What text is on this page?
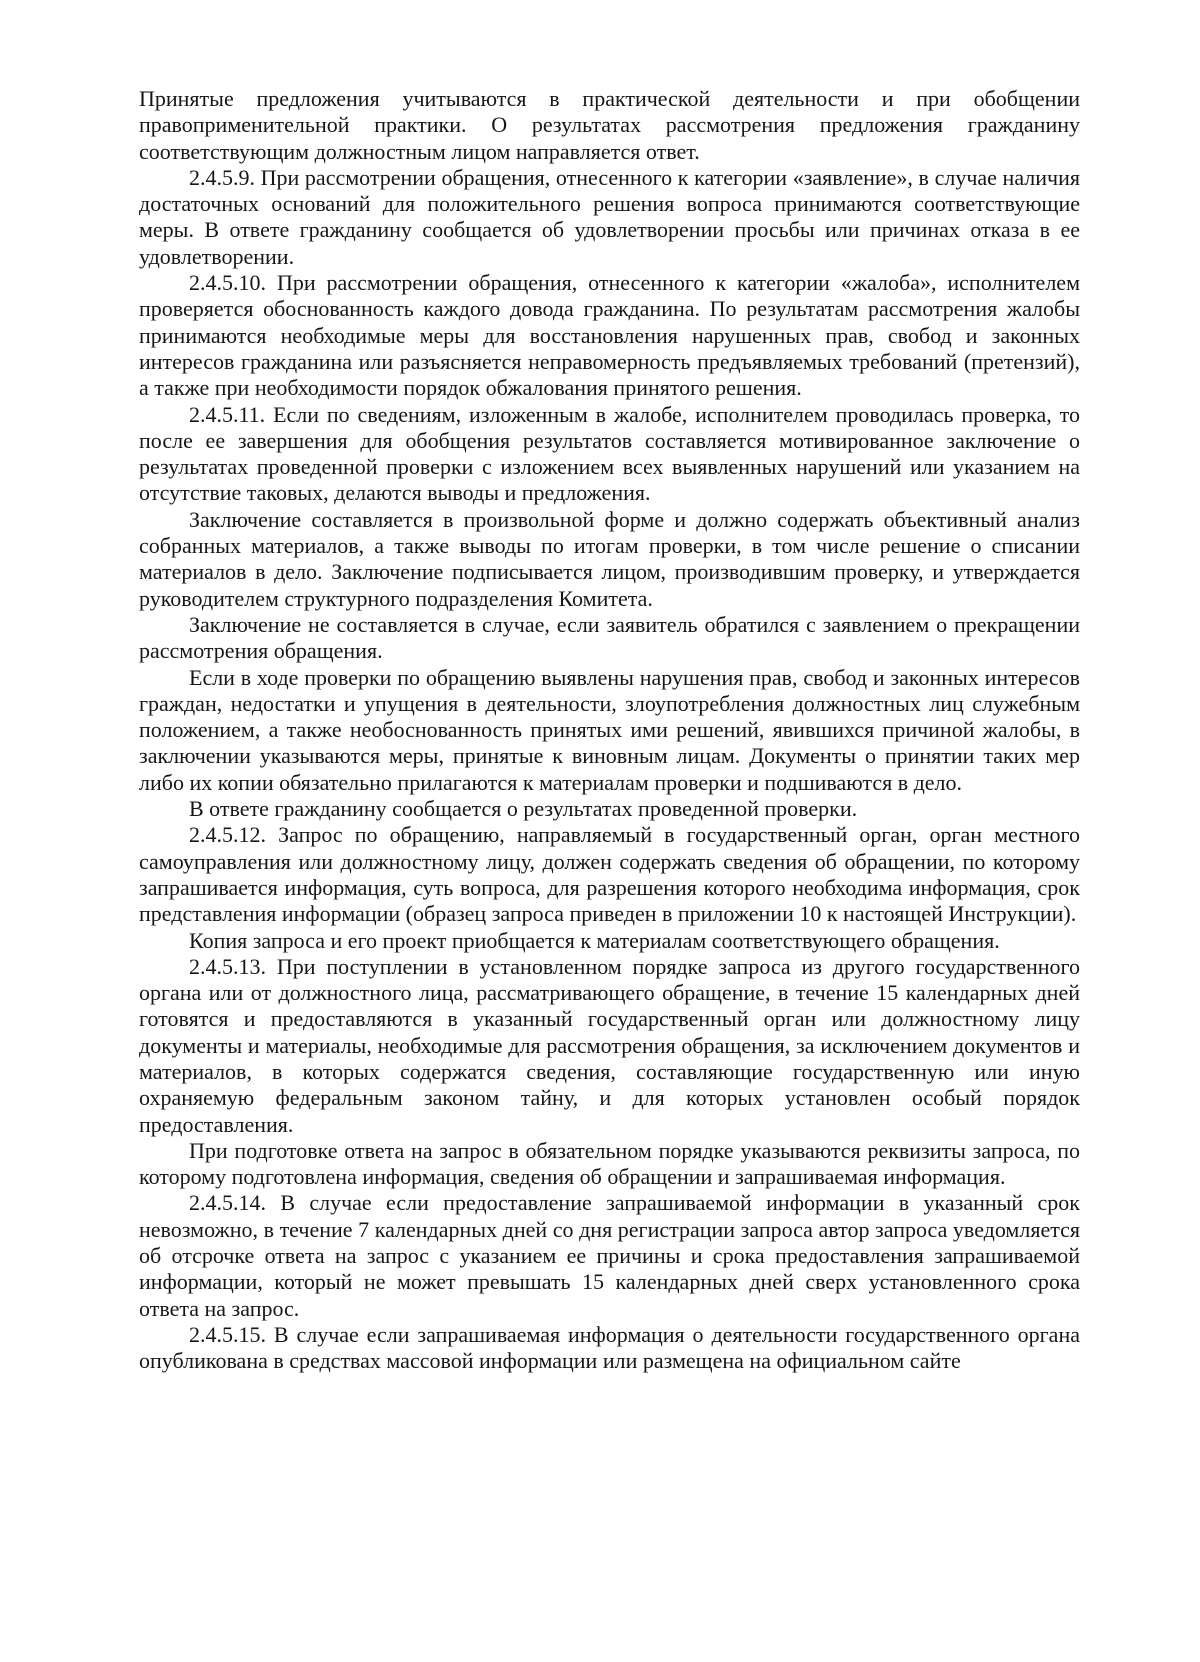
Принятые предложения учитываются в практической деятельности и при обобщении правоприменительной практики. О результатах рассмотрения предложения гражданину соответствующим должностным лицом направляется ответ.

2.4.5.9. При рассмотрении обращения, отнесенного к категории «заявление», в случае наличия достаточных оснований для положительного решения вопроса принимаются соответствующие меры. В ответе гражданину сообщается об удовлетворении просьбы или причинах отказа в ее удовлетворении.

2.4.5.10. При рассмотрении обращения, отнесенного к категории «жалоба», исполнителем проверяется обоснованность каждого довода гражданина. По результатам рассмотрения жалобы принимаются необходимые меры для восстановления нарушенных прав, свобод и законных интересов гражданина или разъясняется неправомерность предъявляемых требований (претензий), а также при необходимости порядок обжалования принятого решения.

2.4.5.11. Если по сведениям, изложенным в жалобе, исполнителем проводилась проверка, то после ее завершения для обобщения результатов составляется мотивированное заключение о результатах проведенной проверки с изложением всех выявленных нарушений или указанием на отсутствие таковых, делаются выводы и предложения.

Заключение составляется в произвольной форме и должно содержать объективный анализ собранных материалов, а также выводы по итогам проверки, в том числе решение о списании материалов в дело. Заключение подписывается лицом, производившим проверку, и утверждается руководителем структурного подразделения Комитета.

Заключение не составляется в случае, если заявитель обратился с заявлением о прекращении рассмотрения обращения.

Если в ходе проверки по обращению выявлены нарушения прав, свобод и законных интересов граждан, недостатки и упущения в деятельности, злоупотребления должностных лиц служебным положением, а также необоснованность принятых ими решений, явившихся причиной жалобы, в заключении указываются меры, принятые к виновным лицам. Документы о принятии таких мер либо их копии обязательно прилагаются к материалам проверки и подшиваются в дело.

В ответе гражданину сообщается о результатах проведенной проверки.

2.4.5.12. Запрос по обращению, направляемый в государственный орган, орган местного самоуправления или должностному лицу, должен содержать сведения об обращении, по которому запрашивается информация, суть вопроса, для разрешения которого необходима информация, срок представления информации (образец запроса приведен в приложении 10 к настоящей Инструкции).

Копия запроса и его проект приобщается к материалам соответствующего обращения.

2.4.5.13. При поступлении в установленном порядке запроса из другого государственного органа или от должностного лица, рассматривающего обращение, в течение 15 календарных дней готовятся и предоставляются в указанный государственный орган или должностному лицу документы и материалы, необходимые для рассмотрения обращения, за исключением документов и материалов, в которых содержатся сведения, составляющие государственную или иную охраняемую федеральным законом тайну, и для которых установлен особый порядок предоставления.

При подготовке ответа на запрос в обязательном порядке указываются реквизиты запроса, по которому подготовлена информация, сведения об обращении и запрашиваемая информация.

2.4.5.14. В случае если предоставление запрашиваемой информации в указанный срок невозможно, в течение 7 календарных дней со дня регистрации запроса автор запроса уведомляется об отсрочке ответа на запрос с указанием ее причины и срока предоставления запрашиваемой информации, который не может превышать 15 календарных дней сверх установленного срока ответа на запрос.

2.4.5.15. В случае если запрашиваемая информация о деятельности государственного органа опубликована в средствах массовой информации или размещена на официальном сайте
